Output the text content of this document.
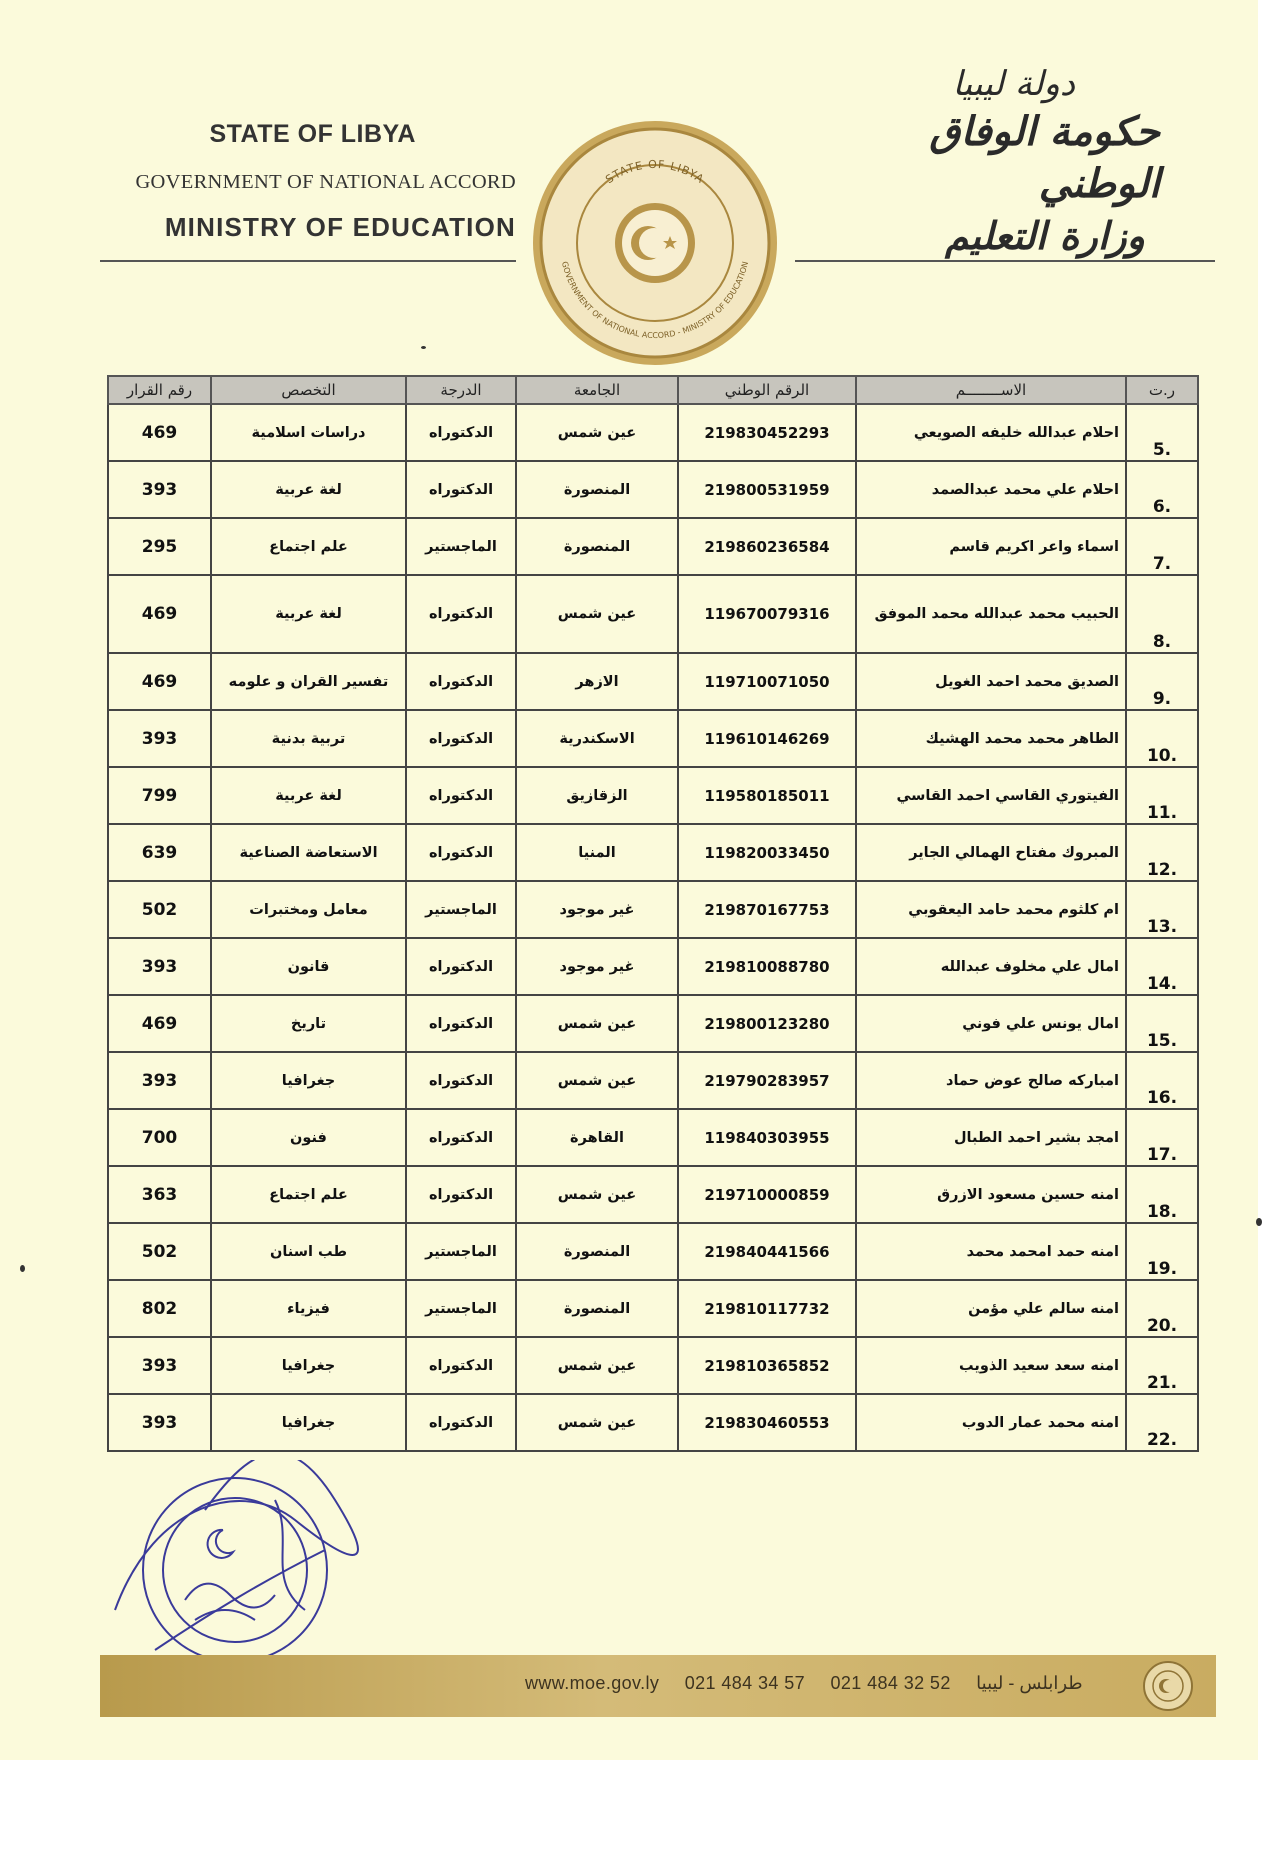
STATE OF LIBYA
GOVERNMENT OF NATIONAL ACCORD
MINISTRY OF EDUCATION
STATE OF LIBYA
GOVERNMENT OF NATIONAL ACCORD - MINISTRY OF EDUCATION
دولة ليبيا
حكومة الوفاق الوطني
وزارة التعليم
ر.ت	الاســــــــم	الرقم الوطني	الجامعة	الدرجة	التخصص	رقم القرار
5.	احلام عبدالله خليفه الصويعي	219830452293	عين شمس	الدكتوراه	دراسات اسلامية	469
6.	احلام علي محمد عبدالصمد	219800531959	المنصورة	الدكتوراه	لغة عربية	393
7.	اسماء واعر اكريم قاسم	219860236584	المنصورة	الماجستير	علم اجتماع	295
8.	الحبيب محمد عبدالله محمد الموفق	119670079316	عين شمس	الدكتوراه	لغة عربية	469
9.	الصديق محمد احمد الغويل	119710071050	الازهر	الدكتوراه	تفسير القران و علومه	469
10.	الطاهر محمد محمد الهشيك	119610146269	الاسكندرية	الدكتوراه	تربية بدنية	393
11.	الفيتوري القاسي احمد القاسي	119580185011	الزقازيق	الدكتوراه	لغة عربية	799
12.	المبروك مفتاح الهمالي الجاير	119820033450	المنيا	الدكتوراه	الاستعاضة الصناعية	639
13.	ام كلثوم محمد حامد اليعقوبي	219870167753	غير موجود	الماجستير	معامل ومختبرات	502
14.	امال علي مخلوف عبدالله	219810088780	غير موجود	الدكتوراه	قانون	393
15.	امال يونس علي فوني	219800123280	عين شمس	الدكتوراه	تاريخ	469
16.	امباركه صالح عوض حماد	219790283957	عين شمس	الدكتوراه	جغرافيا	393
17.	امجد بشير احمد الطبال	119840303955	القاهرة	الدكتوراه	فنون	700
18.	امنه حسين مسعود الازرق	219710000859	عين شمس	الدكتوراه	علم اجتماع	363
19.	امنه حمد امحمد محمد	219840441566	المنصورة	الماجستير	طب اسنان	502
20.	امنه سالم علي مؤمن	219810117732	المنصورة	الماجستير	فيزياء	802
21.	امنه سعد سعيد الذويب	219810365852	عين شمس	الدكتوراه	جغرافيا	393
22.	امنه محمد عمار الدوب	219830460553	عين شمس	الدكتوراه	جغرافيا	393
www.moe.gov.ly 021 484 34 57 021 484 32 52 طرابلس - ليبيا
